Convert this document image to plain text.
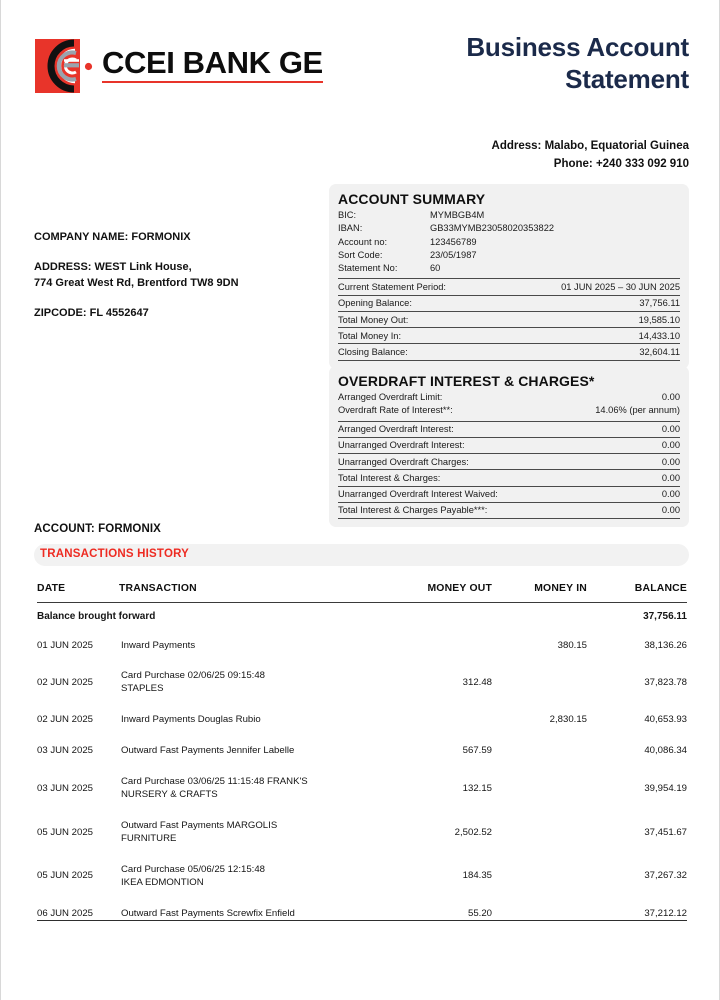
CCEI BANK GE	Business Account
Statement
Address: Malabo, Equatorial Guinea
Phone: +240 333 092 910
COMPANY NAME: FORMONIX
ADDRESS: WEST Link House,
774 Great West Rd, Brentford TW8 9DN
ZIPCODE: FL 4552647
ACCOUNT SUMMARY
BIC:	MYMBGB4M
IBAN:	GB33MYMB23058020353822
Account no:	123456789
Sort Code:	23/05/1987
Statement No:	60
Current Statement Period:	01 JUN 2025 – 30 JUN 2025
Opening Balance:	37,756.11
Total Money Out:	19,585.10
Total Money In:	14,433.10
Closing Balance:	32,604.11
OVERDRAFT INTEREST & CHARGES*
Arranged Overdraft Limit:	0.00
Overdraft Rate of Interest**:	14.06% (per annum)
Arranged Overdraft Interest:	0.00
Unarranged Overdraft Interest:	0.00
Unarranged Overdraft Charges:	0.00
Total Interest & Charges:	0.00
Unarranged Overdraft Interest Waived:	0.00
Total Interest & Charges Payable***:	0.00
ACCOUNT: FORMONIX
TRANSACTIONS HISTORY
DATE	TRANSACTION	MONEY OUT	MONEY IN	BALANCE
Balance brought forward				37,756.11
01 JUN 2025	Inward Payments		380.15	38,136.26
02 JUN 2025	Card Purchase 02/06/25 09:15:48
STAPLES	312.48		37,823.78
02 JUN 2025	Inward Payments Douglas Rubio		2,830.15	40,653.93
03 JUN 2025	Outward Fast Payments Jennifer Labelle	567.59		40,086.34
03 JUN 2025	Card Purchase 03/06/25 11:15:48 FRANK'S
NURSERY & CRAFTS	132.15		39,954.19
05 JUN 2025	Outward Fast Payments MARGOLIS
FURNITURE	2,502.52		37,451.67
05 JUN 2025	Card Purchase 05/06/25 12:15:48
IKEA EDMONTION	184.35		37,267.32
06 JUN 2025	Outward Fast Payments Screwfix Enfield	55.20		37,212.12
